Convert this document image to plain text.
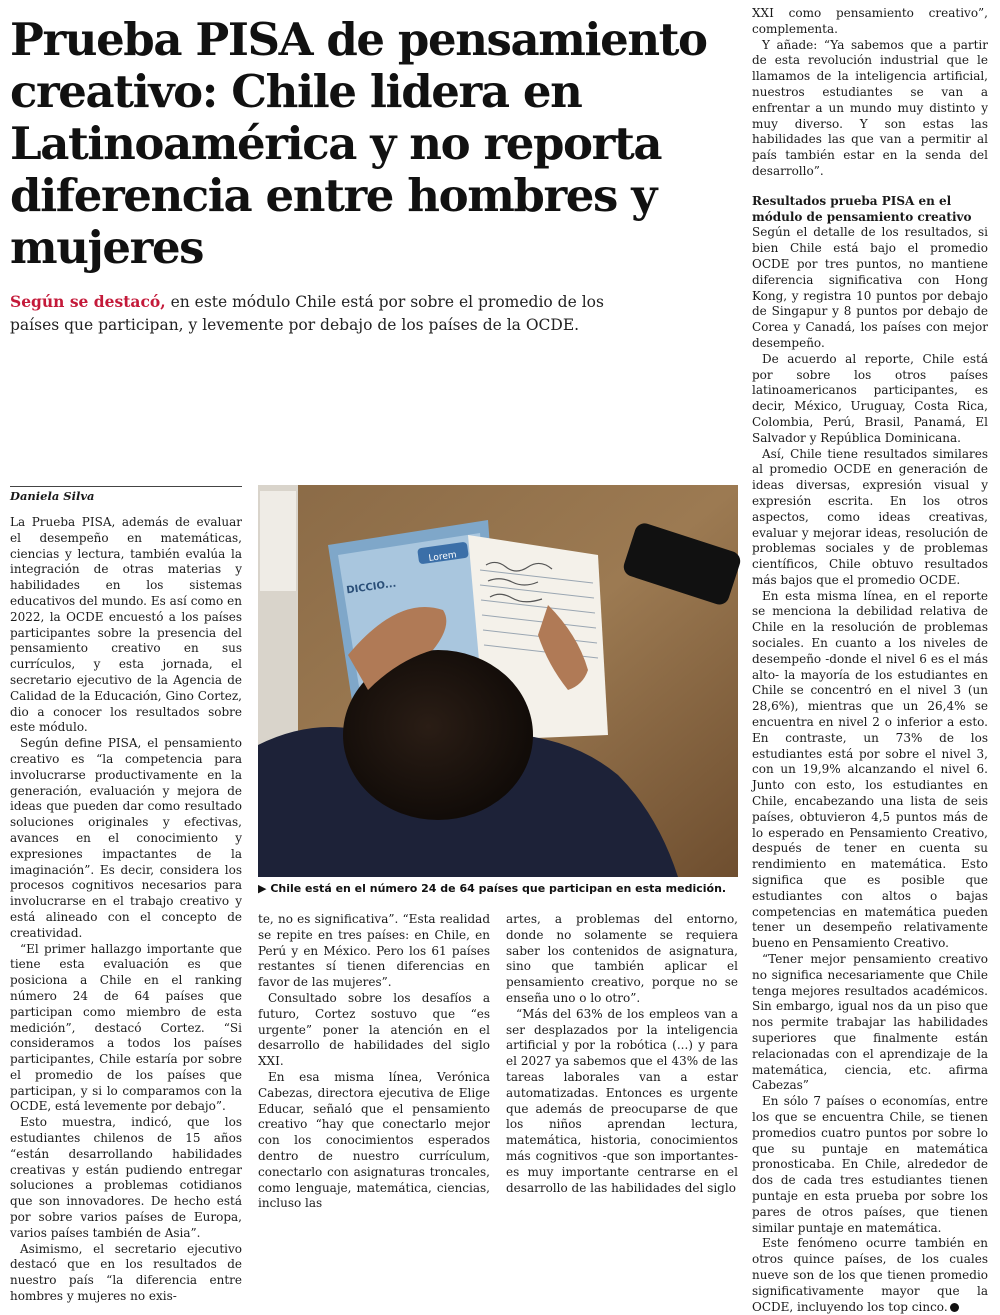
Prueba PISA de pensamiento creativo: Chile lidera en Latinoamérica y no reporta diferencia entre hombres y mujeres

Según se destacó, en este módulo Chile está por sobre el promedio de los países que participan, y levemente por debajo de los países de la OCDE.

Daniela Silva

La Prueba PISA, además de evaluar el desempeño en matemáticas, ciencias y lectura, también evalúa la integración de otras materias y habilidades en los sistemas educativos del mundo. Es así como en 2022, la OCDE encuestó a los países participantes sobre la presencia del pensamiento creativo en sus currículos, y esta jornada, el secretario ejecutivo de la Agencia de Calidad de la Educación, Gino Cortez, dio a conocer los resultados sobre este módulo.

Según define PISA, el pensamiento creativo es “la competencia para involucrarse productivamente en la generación, evaluación y mejora de ideas que pueden dar como resultado soluciones originales y efectivas, avances en el conocimiento y expresiones impactantes de la imaginación”. Es decir, considera los procesos cognitivos necesarios para involucrarse en el trabajo creativo y está alineado con el concepto de creatividad.

“El primer hallazgo importante que tiene esta evaluación es que posiciona a Chile en el ranking número 24 de 64 países que participan como miembro de esta medición”, destacó Cortez. “Si consideramos a todos los países participantes, Chile estaría por sobre el promedio de los países que participan, y si lo comparamos con la OCDE, está levemente por debajo”.

Esto muestra, indicó, que los estudiantes chilenos de 15 años “están desarrollando habilidades creativas y están pudiendo entregar soluciones a problemas cotidianos que son innovadores. De hecho está por sobre varios países de Europa, varios países también de Asia”.

Asimismo, el secretario ejecutivo destacó que en los resultados de nuestro país “la diferencia entre hombres y mujeres no exis-

Lorem
DICCIO...

▶ Chile está en el número 24 de 64 países que participan en esta medición.

te, no es significativa”. “Esta realidad se repite en tres países: en Chile, en Perú y en México. Pero los 61 países restantes sí tienen diferencias en favor de las mujeres”.

Consultado sobre los desafíos a futuro, Cortez sostuvo que “es urgente” poner la atención en el desarrollo de habilidades del siglo XXI.

En esa misma línea, Verónica Cabezas, directora ejecutiva de Elige Educar, señaló que el pensamiento creativo “hay que conectarlo mejor con los conocimientos esperados dentro de nuestro currículum, conectarlo con asignaturas troncales, como lenguaje, matemática, ciencias, incluso las

artes, a problemas del entorno, donde no solamente se requiera saber los contenidos de asignatura, sino que también aplicar el pensamiento creativo, porque no se enseña uno o lo otro”.

“Más del 63% de los empleos van a ser desplazados por la inteligencia artificial y por la robótica (...) y para el 2027 ya sabemos que el 43% de las tareas laborales van a estar automatizadas. Entonces es urgente que además de preocuparse de que los niños aprendan lectura, matemática, historia, conocimientos más cognitivos -que son importantes- es muy importante centrarse en el desarrollo de las habilidades del siglo

XXI como pensamiento creativo”, complementa.

Y añade: “Ya sabemos que a partir de esta revolución industrial que le llamamos de la inteligencia artificial, nuestros estudiantes se van a enfrentar a un mundo muy distinto y muy diverso. Y son estas las habilidades las que van a permitir al país también estar en la senda del desarrollo”.

Resultados prueba PISA en el módulo de pensamiento creativo

Según el detalle de los resultados, si bien Chile está bajo el promedio OCDE por tres puntos, no mantiene diferencia significativa con Hong Kong, y registra 10 puntos por debajo de Singapur y 8 puntos por debajo de Corea y Canadá, los países con mejor desempeño.

De acuerdo al reporte, Chile está por sobre los otros países latinoamericanos participantes, es decir, México, Uruguay, Costa Rica, Colombia, Perú, Brasil, Panamá, El Salvador y República Dominicana.

Así, Chile tiene resultados similares al promedio OCDE en generación de ideas diversas, expresión visual y expresión escrita. En los otros aspectos, como ideas creativas, evaluar y mejorar ideas, resolución de problemas sociales y de problemas científicos, Chile obtuvo resultados más bajos que el promedio OCDE.

En esta misma línea, en el reporte se menciona la debilidad relativa de Chile en la resolución de problemas sociales. En cuanto a los niveles de desempeño -donde el nivel 6 es el más alto- la mayoría de los estudiantes en Chile se concentró en el nivel 3 (un 28,6%), mientras que un 26,4% se encuentra en nivel 2 o inferior a esto. En contraste, un 73% de los estudiantes está por sobre el nivel 3, con un 19,9% alcanzando el nivel 6. Junto con esto, los estudiantes en Chile, encabezando una lista de seis países, obtuvieron 4,5 puntos más de lo esperado en Pensamiento Creativo, después de tener en cuenta su rendimiento en matemática. Esto significa que es posible que estudiantes con altos o bajas competencias en matemática pueden tener un desempeño relativamente bueno en Pensamiento Creativo.

“Tener mejor pensamiento creativo no significa necesariamente que Chile tenga mejores resultados académicos. Sin embargo, igual nos da un piso que nos permite trabajar las habilidades superiores que finalmente están relacionadas con el aprendizaje de la matemática, ciencia, etc. afirma Cabezas”

En sólo 7 países o economías, entre los que se encuentra Chile, se tienen promedios cuatro puntos por sobre lo que su puntaje en matemática pronosticaba. En Chile, alrededor de dos de cada tres estudiantes tienen puntaje en esta prueba por sobre los pares de otros países, que tienen similar puntaje en matemática.

Este fenómeno ocurre también en otros quince países, de los cuales nueve son de los que tienen promedio significativamente mayor que la OCDE, incluyendo los top cinco.
